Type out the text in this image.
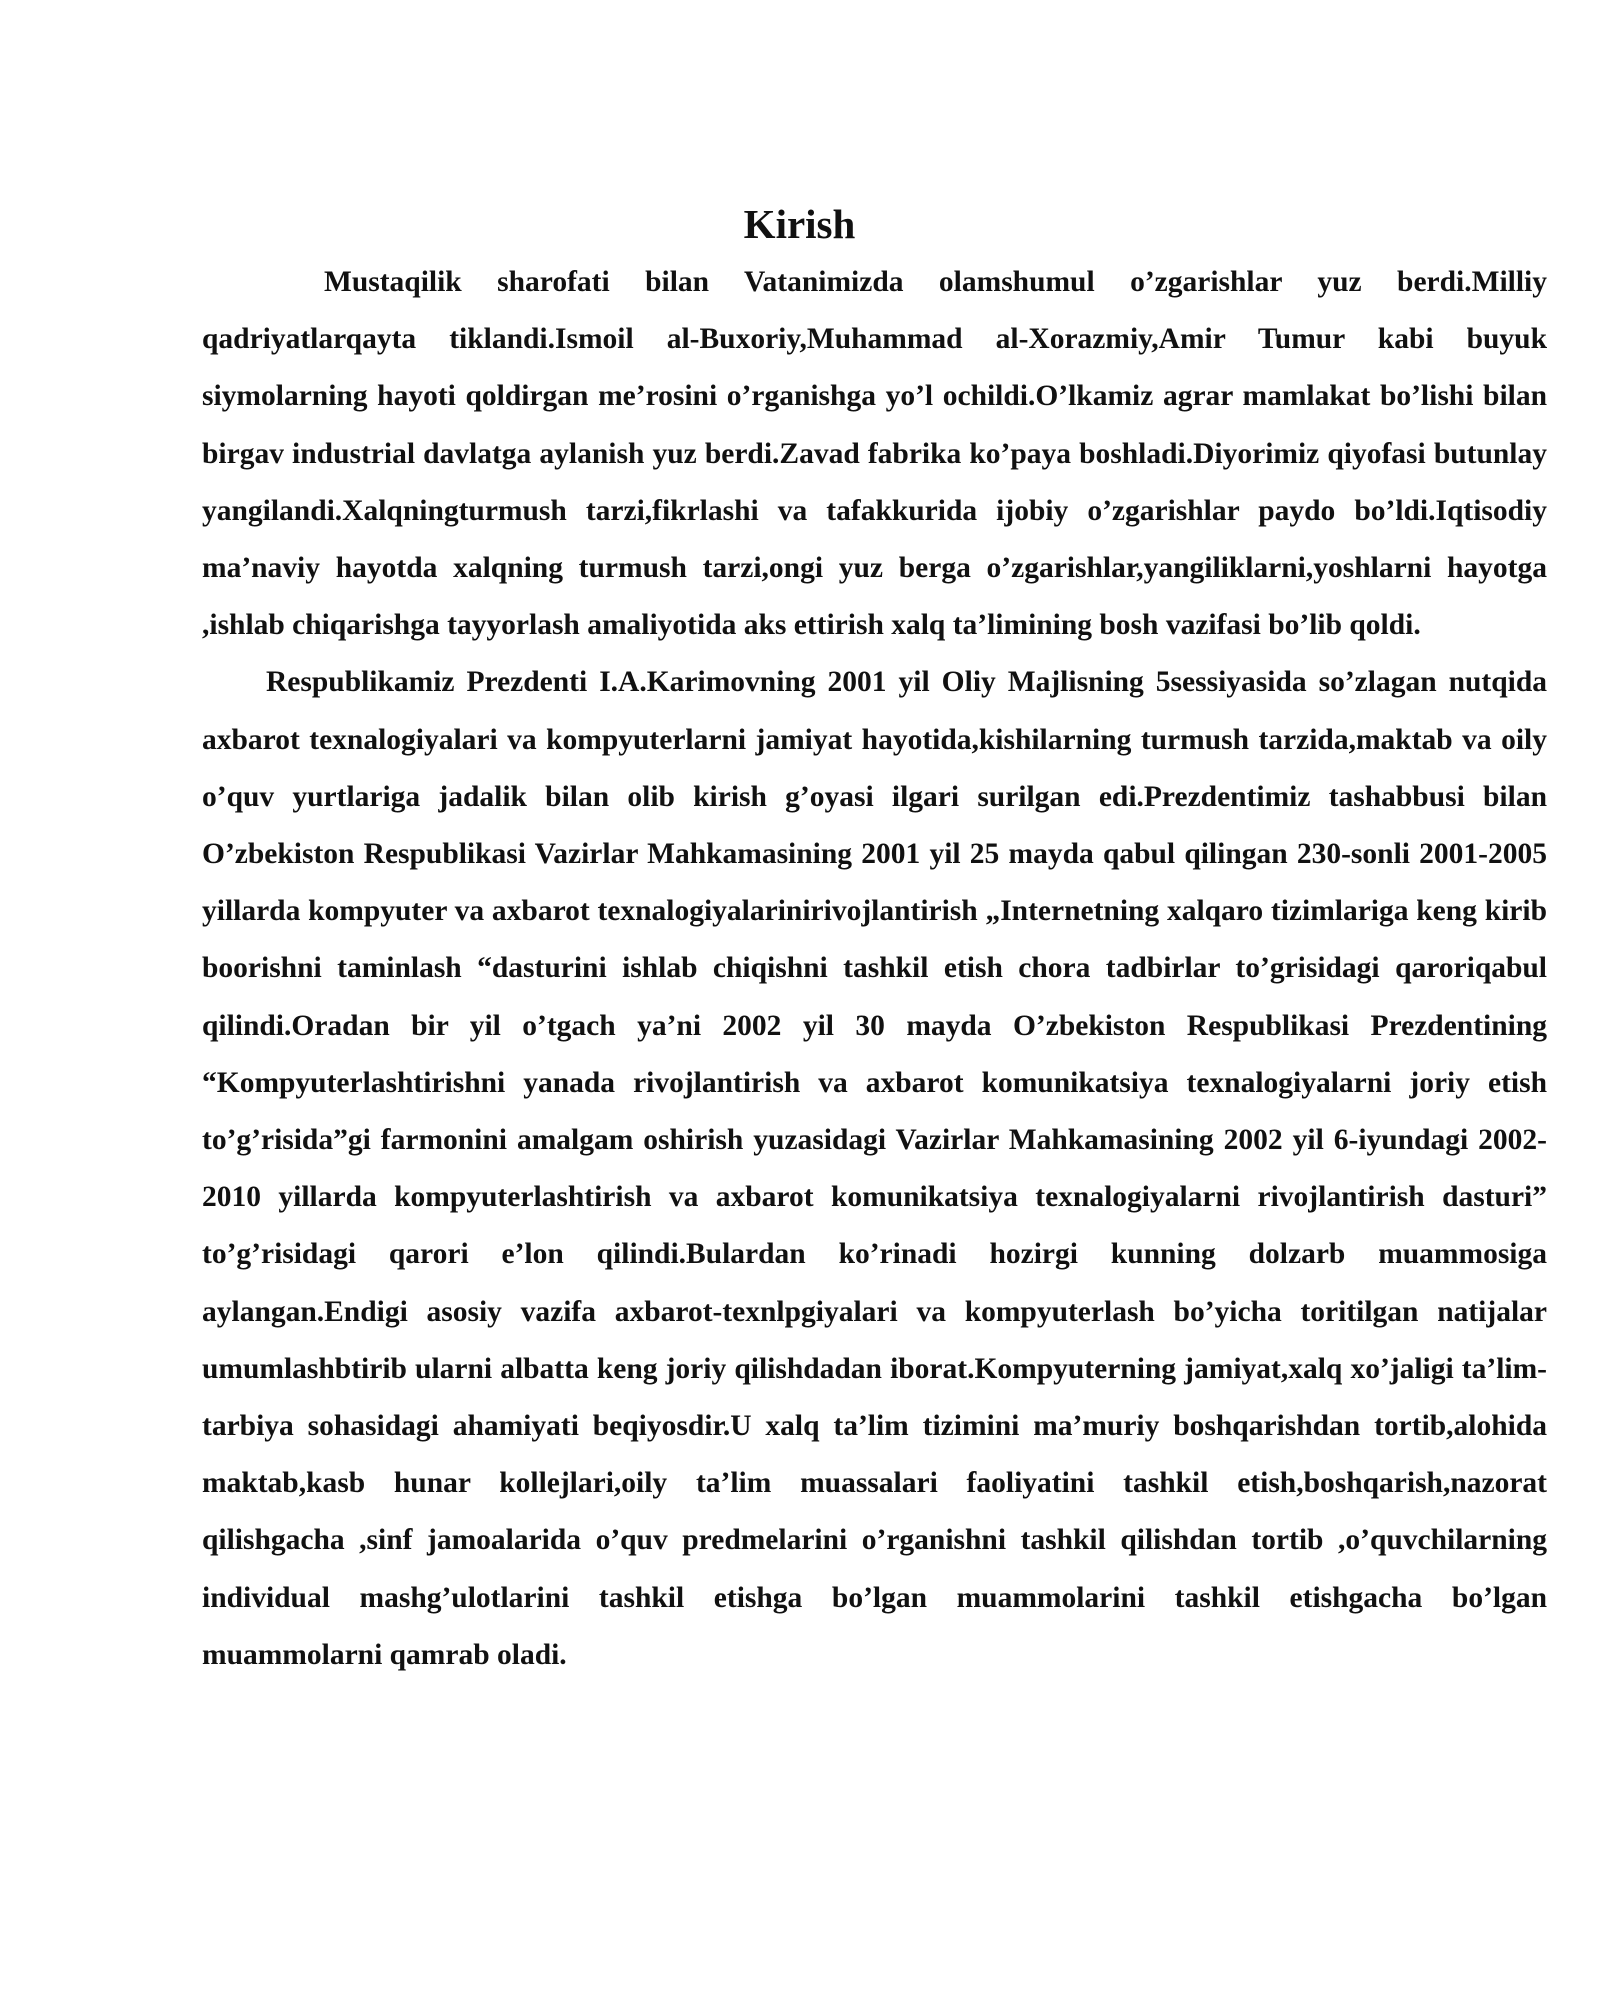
Kirish

Mustaqilik sharofati bilan Vatanimizda olamshumul o’zgarishlar yuz berdi.Milliy qadriyatlarqayta tiklandi.Ismoil al-Buxoriy,Muhammad al-Xorazmiy,Amir Tumur kabi buyuk siymolarning hayoti qoldirgan me’rosini o’rganishga yo’l ochildi.O’lkamiz agrar mamlakat bo’lishi bilan birgav industrial davlatga aylanish yuz berdi.Zavad fabrika ko’paya boshladi.Diyorimiz qiyofasi butunlay yangilandi.Xalqningturmush tarzi,fikrlashi va tafakkurida ijobiy o’zgarishlar paydo bo’ldi.Iqtisodiy ma’naviy hayotda xalqning turmush tarzi,ongi yuz berga o’zgarishlar,yangiliklarni,yoshlarni hayotga ,ishlab chiqarishga tayyorlash amaliyotida aks ettirish xalq ta’limining bosh vazifasi bo’lib qoldi.

Respublikamiz Prezdenti I.A.Karimovning 2001 yil Oliy Majlisning 5sessiyasida so’zlagan nutqida axbarot texnalogiyalari va kompyuterlarni jamiyat hayotida,kishilarning turmush tarzida,maktab va oily o’quv yurtlariga jadalik bilan olib kirish g’oyasi ilgari surilgan edi.Prezdentimiz tashabbusi bilan O’zbekiston Respublikasi Vazirlar Mahkamasining 2001 yil 25 mayda qabul qilingan 230-sonli 2001-2005 yillarda kompyuter va axbarot texnalogiyalarinirivojlantirish „Internetning xalqaro tizimlariga keng kirib boorishni taminlash “dasturini ishlab chiqishni tashkil etish chora tadbirlar to’grisidagi qaroriqabul qilindi.Oradan bir yil o’tgach ya’ni 2002 yil 30 mayda O’zbekiston Respublikasi Prezdentining “Kompyuterlashtirishni yanada rivojlantirish va axbarot komunikatsiya texnalogiyalarni joriy etish to’g’risida”gi farmonini amalgam oshirish yuzasidagi Vazirlar Mahkamasining 2002 yil 6-iyundagi 2002-2010 yillarda kompyuterlashtirish va axbarot komunikatsiya texnalogiyalarni rivojlantirish dasturi” to’g’risidagi qarori e’lon qilindi.Bulardan ko’rinadi hozirgi kunning dolzarb muammosiga aylangan.Endigi asosiy vazifa axbarot-texnlpgiyalari va kompyuterlash bo’yicha toritilgan natijalar umumlashbtirib ularni albatta keng joriy qilishdadan iborat.Kompyuterning jamiyat,xalq xo’jaligi ta’lim-tarbiya sohasidagi ahamiyati beqiyosdir.U xalq ta’lim tizimini ma’muriy boshqarishdan tortib,alohida maktab,kasb hunar kollejlari,oily ta’lim muassalari faoliyatini tashkil etish,boshqarish,nazorat qilishgacha ,sinf jamoalarida o’quv predmelarini o’rganishni tashkil qilishdan tortib ,o’quvchilarning individual mashg’ulotlarini tashkil etishga bo’lgan muammolarini tashkil etishgacha bo’lgan muammolarni qamrab oladi.
